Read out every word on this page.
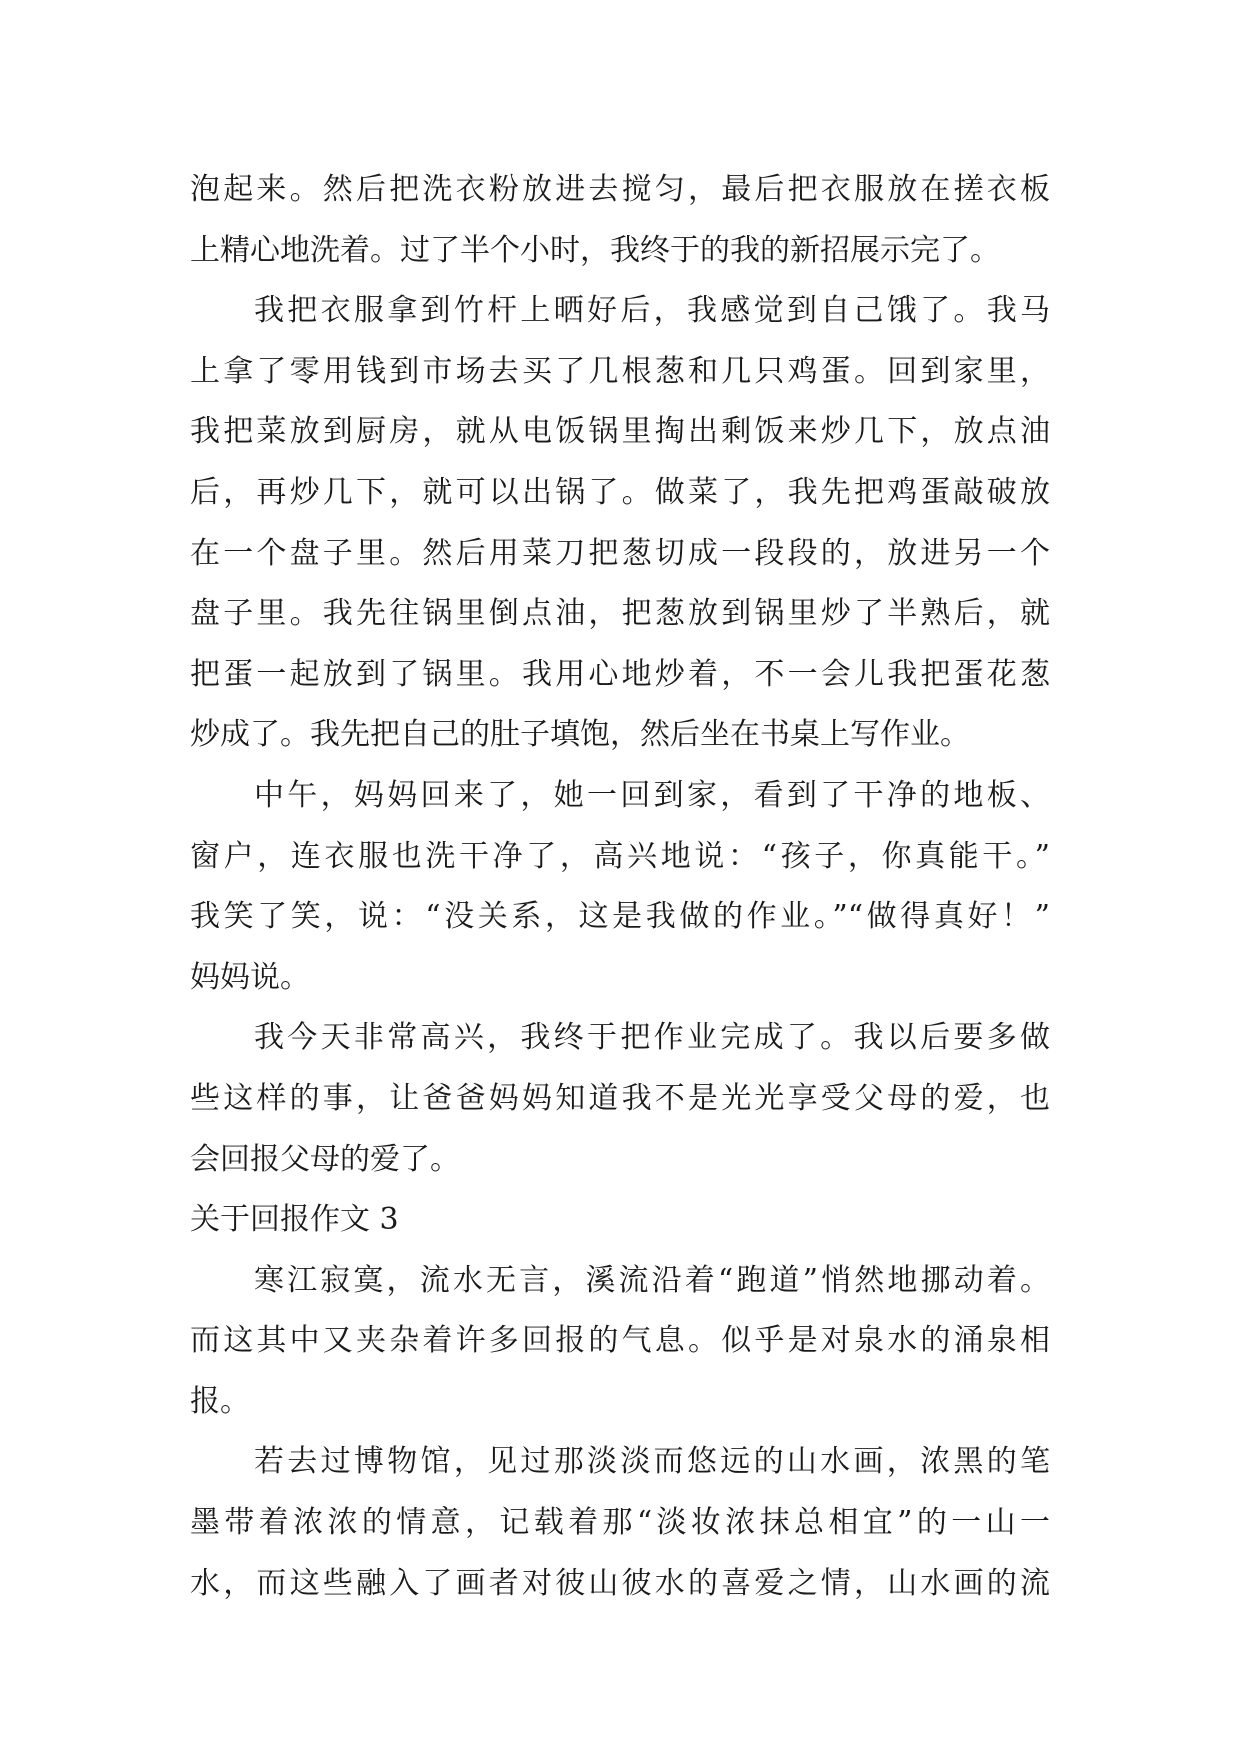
泡起来。然后把洗衣粉放进去搅匀，最后把衣服放在搓衣板
上精心地洗着。过了半个小时，我终于的我的新招展示完了。
我把衣服拿到竹杆上晒好后，我感觉到自己饿了。我马
上拿了零用钱到市场去买了几根葱和几只鸡蛋。回到家里，
我把菜放到厨房，就从电饭锅里掏出剩饭来炒几下，放点油
后，再炒几下，就可以出锅了。做菜了，我先把鸡蛋敲破放
在一个盘子里。然后用菜刀把葱切成一段段的，放进另一个
盘子里。我先往锅里倒点油，把葱放到锅里炒了半熟后，就
把蛋一起放到了锅里。我用心地炒着，不一会儿我把蛋花葱
炒成了。我先把自己的肚子填饱，然后坐在书桌上写作业。
中午，妈妈回来了，她一回到家，看到了干净的地板、
窗户，连衣服也洗干净了，高兴地说：“孩子，你真能干。”
我笑了笑，说：“没关系，这是我做的作业。”“做得真好！”
妈妈说。
我今天非常高兴，我终于把作业完成了。我以后要多做
些这样的事，让爸爸妈妈知道我不是光光享受父母的爱，也
会回报父母的爱了。
关于回报作文 3
寒江寂寞，流水无言，溪流沿着“跑道”悄然地挪动着。
而这其中又夹杂着许多回报的气息。似乎是对泉水的涌泉相
报。
若去过博物馆，见过那淡淡而悠远的山水画，浓黑的笔
墨带着浓浓的情意，记载着那“淡妆浓抹总相宜”的一山一
水，而这些融入了画者对彼山彼水的喜爱之情，山水画的流
